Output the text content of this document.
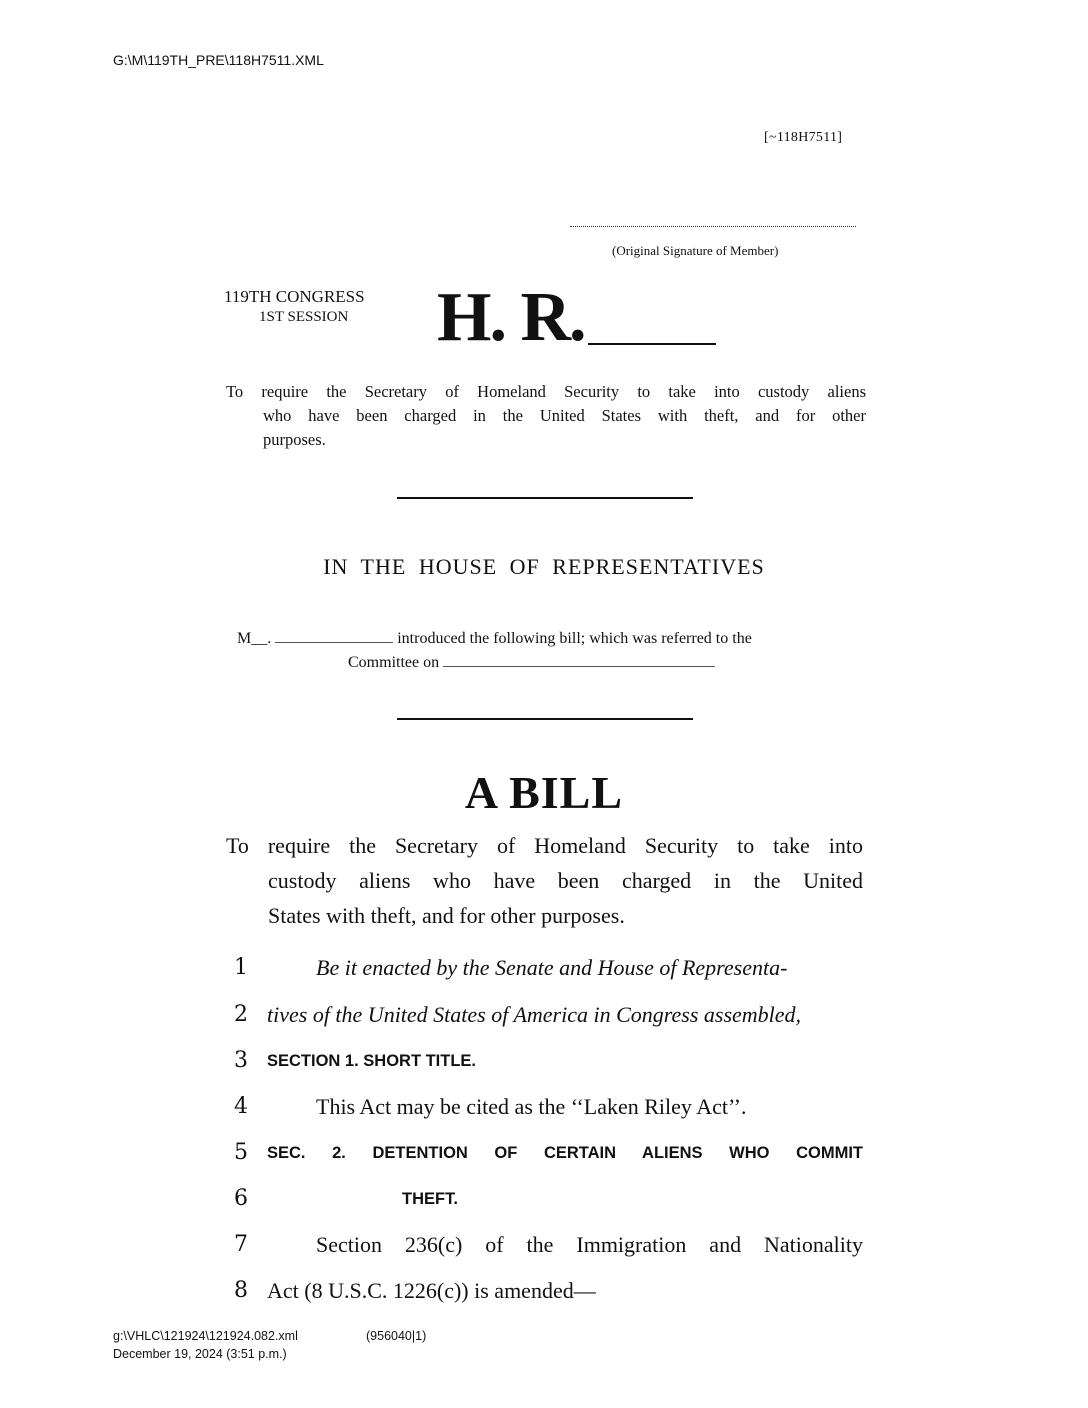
G:\M\119TH_PRE\118H7511.XML
[~118H7511]
(Original Signature of Member)
119TH CONGRESS
1ST SESSION H. R.
To require the Secretary of Homeland Security to take into custody aliens
who have been charged in the United States with theft, and for other
purposes.
IN THE HOUSE OF REPRESENTATIVES
M__.	introduced the following bill; which was referred to the
Committee on
A BILL
To require the Secretary of Homeland Security to take into
custody aliens who have been charged in the United
States with theft, and for other purposes.
1	Be it enacted by the Senate and House of Representa-
2 tives of the United States of America in Congress assembled,
3	SECTION 1. SHORT TITLE.
4	This Act may be cited as the ‘‘Laken Riley Act’’.
5	SEC. 2. DETENTION OF CERTAIN ALIENS WHO COMMIT
6	THEFT.
7	Section 236(c) of the Immigration and Nationality
8 Act (8 U.S.C. 1226(c)) is amended—
g:\VHLC\121924\121924.082.xml	(956040|1)
December 19, 2024 (3:51 p.m.)
